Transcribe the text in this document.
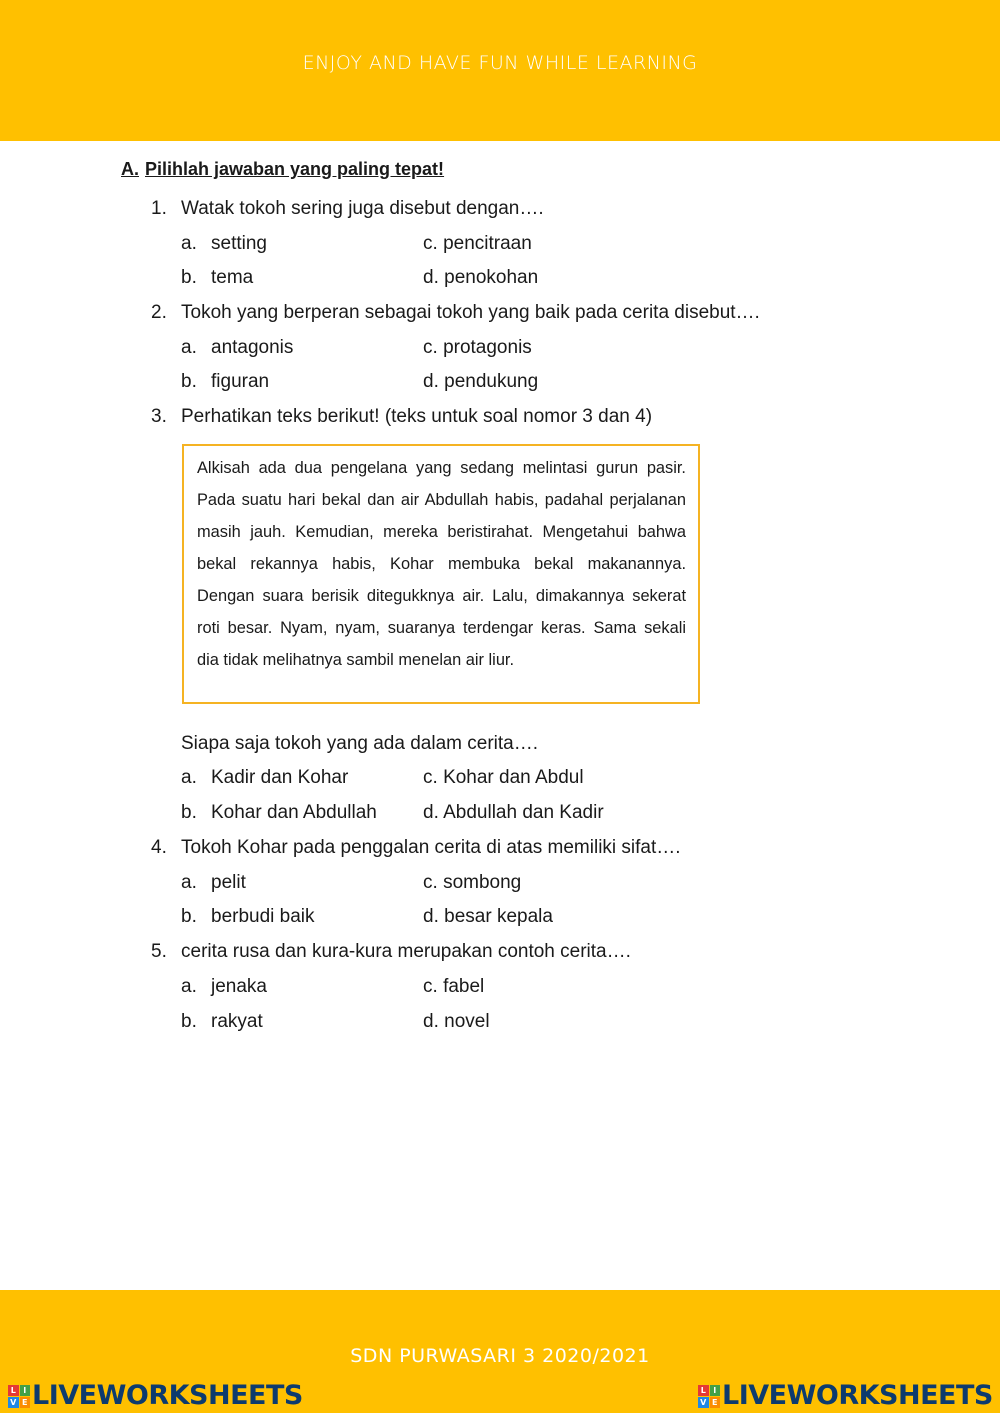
ENJOY AND HAVE FUN WHILE LEARNING
A. Pilihlah jawaban yang paling tepat!
1. Watak tokoh sering juga disebut dengan….
a. setting	c. pencitraan
b. tema	d. penokohan
2. Tokoh yang berperan sebagai tokoh yang baik pada cerita disebut….
a. antagonis	c. protagonis
b. figuran	d. pendukung
3. Perhatikan teks berikut! (teks untuk soal nomor 3 dan 4)
Alkisah ada dua pengelana yang sedang melintasi gurun pasir. Pada suatu hari bekal dan air Abdullah habis, padahal perjalanan masih jauh. Kemudian, mereka beristirahat. Mengetahui bahwa bekal rekannya habis, Kohar membuka bekal makanannya. Dengan suara berisik ditegukknya air. Lalu, dimakannya sekerat roti besar. Nyam, nyam, suaranya terdengar keras. Sama sekali dia tidak melihatnya sambil menelan air liur.
Siapa saja tokoh yang ada dalam cerita….
a. Kadir dan Kohar	c. Kohar dan Abdul
b. Kohar dan Abdullah d. Abdullah dan Kadir
4. Tokoh Kohar pada penggalan cerita di atas memiliki sifat….
a. pelit	c. sombong
b. berbudi baik	d. besar kepala
5. cerita rusa dan kura-kura merupakan contoh cerita….
a. jenaka	c. fabel
b. rakyat	d. novel
SDN PURWASARI 3 2020/2021
L I
V E LIVEWORKSHEETS	L I
V E LIVEWORKSHEETS
